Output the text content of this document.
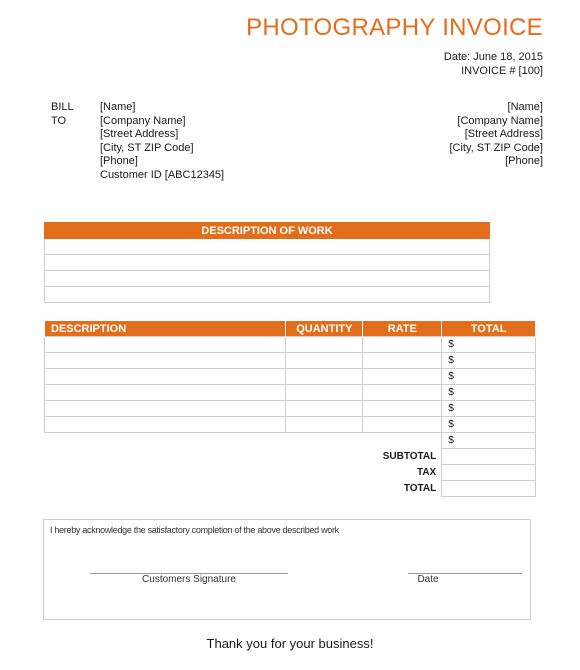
PHOTOGRAPHY INVOICE
Date: June 18, 2015
INVOICE # [100]
BILL
TO
[Name]
[Company Name]
[Street Address]
[City, ST ZIP Code]
[Phone]
Customer ID [ABC12345]
[Name]
[Company Name]
[Street Address]
[City, ST ZIP Code]
[Phone]
DESCRIPTION OF WORK

DESCRIPTION	QUANTITY	RATE	TOTAL
			$
			$
			$
			$
			$
			$
			$
		SUBTOTAL	
		TAX	
		TOTAL	
I hereby acknowledge the satisfactory completion of the above described work
Customers Signature	Date
Thank you for your business!
